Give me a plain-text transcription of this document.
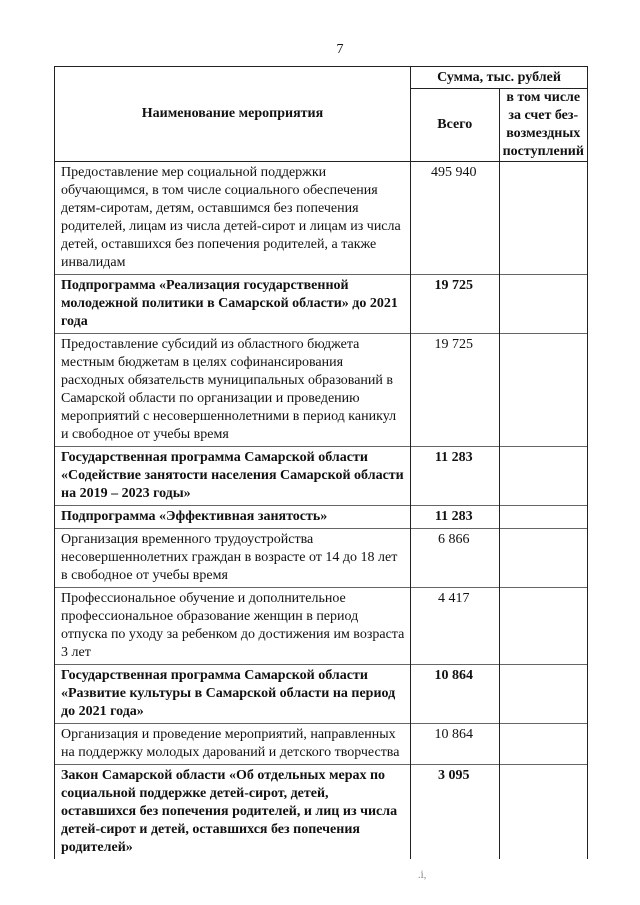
7
Наименование мероприятия	Сумма, тыс. рублей	
	Всего	в том числе за счет без-возмездных поступлений
Предоставление мер социальной поддержки обучающимся, в том числе социального обеспечения детям-сиротам, детям, оставшимся без попечения родителей, лицам из числа детей-сирот и лицам из числа детей, оставшихся без попечения родителей, а также инвалидам	495 940	
Подпрограмма «Реализация государственной молодежной политики в Самарской области» до 2021 года	19 725	
Предоставление субсидий из областного бюджета местным бюджетам в целях софинансирования расходных обязательств муниципальных образований в Самарской области по организации и проведению мероприятий с несовершеннолетними в период каникул и свободное от учебы время	19 725	
Государственная программа Самарской области «Содействие занятости населения Самарской области на 2019 – 2023 годы»	11 283	
Подпрограмма «Эффективная занятость»	11 283	
Организация временного трудоустройства несовершеннолетних граждан в возрасте от 14 до 18 лет в свободное от учебы время	6 866	
Профессиональное обучение и дополнительное профессиональное образование женщин в период отпуска по уходу за ребенком до достижения им возраста 3 лет	4 417	
Государственная программа Самарской области «Развитие культуры в Самарской области на период до 2021 года»	10 864	
Организация и проведение мероприятий, направленных на поддержку молодых дарований и детского творчества	10 864	
Закон Самарской области «Об отдельных мерах по социальной поддержке детей-сирот, детей, оставшихся без попечения родителей, и лиц из числа детей-сирот и детей, оставшихся без попечения родителей»	3 095	
.ⅰ,
